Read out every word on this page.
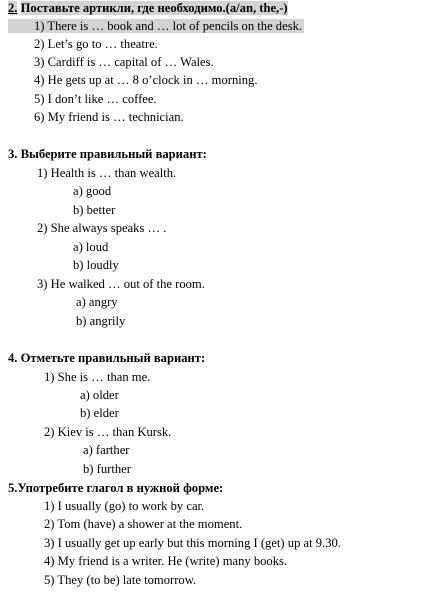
2. Поставьте артикли, где необходимо.(a/an, the,-)
1) There is … book and … lot of pencils on the desk.
2) Let’s go to … theatre.
3) Cardiff is … capital of … Wales.
4) He gets up at … 8 o’clock in … morning.
5) I don’t like … coffee.
6) My friend is … technician.
3. Выберите правильный вариант:
1) Health is … than wealth.
a) good
b) better
2) She always speaks … .
a) loud
b) loudly
3) He walked … out of the room.
a) angry
b) angrily
4. Отметьте правильный вариант:
1) She is … than me.
a) older
b) elder
2) Kiev is … than Kursk.
a) farther
b) further
5.Употребите глагол в нужной форме:
1) I usually (go) to work by car.
2) Tom (have) a shower at the moment.
3) I usually get up early but this morning I (get) up at 9.30.
4) My friend is a writer. He (write) many books.
5) They (to be) late tomorrow.
